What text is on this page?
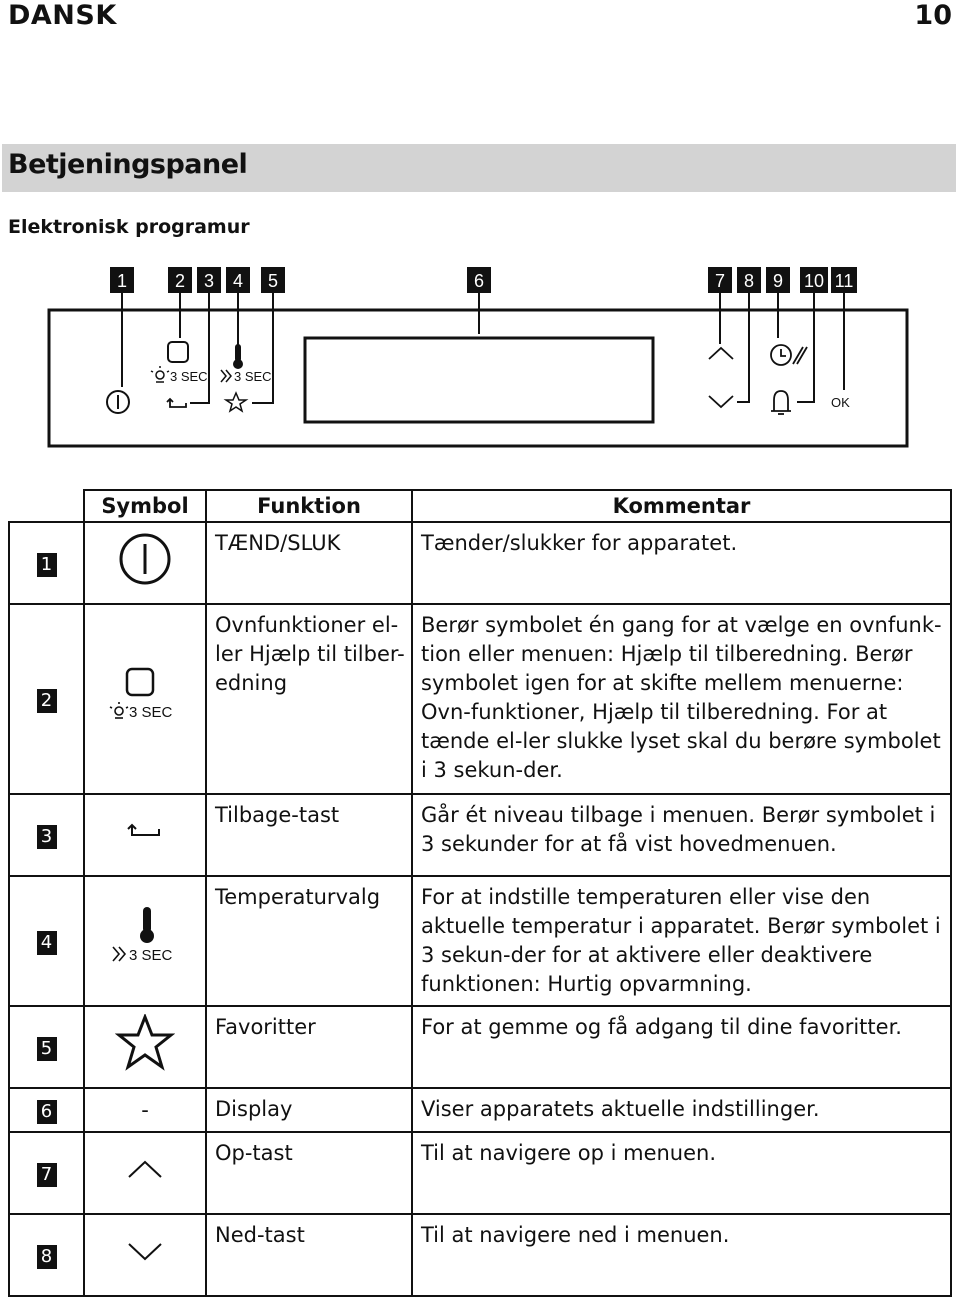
DANSK	10
Betjeningspanel
Elektronisk programur
1	2 3 4 5	6	7 8 9 10 11
3 SEC 3 SEC
OK
	Symbol	Funktion	Kommentar
1		TÆND/SLUK	Tænder/slukker for apparatet.
2	3 SEC	Ovnfunktioner el-ler Hjælp til tilber-edning	Berør symbolet én gang for at vælge en ovnfunk-tion eller menuen: Hjælp til tilberedning. Berør symbolet igen for at skifte mellem menuerne: Ovn-funktioner, Hjælp til tilberedning. For at tænde el-ler slukke lyset skal du berøre symbolet i 3 sekun-der.
3		Tilbage-tast	Går ét niveau tilbage i menuen. Berør symbolet i 3 sekunder for at få vist hovedmenuen.
4	3 SEC	Temperaturvalg	For at indstille temperaturen eller vise den aktuelle temperatur i apparatet. Berør symbolet i 3 sekun-der for at aktivere eller deaktivere funktionen: Hurtig opvarmning.
5		Favoritter	For at gemme og få adgang til dine favoritter.
6	-	Display	Viser apparatets aktuelle indstillinger.
7		Op-tast	Til at navigere op i menuen.
8		Ned-tast	Til at navigere ned i menuen.
